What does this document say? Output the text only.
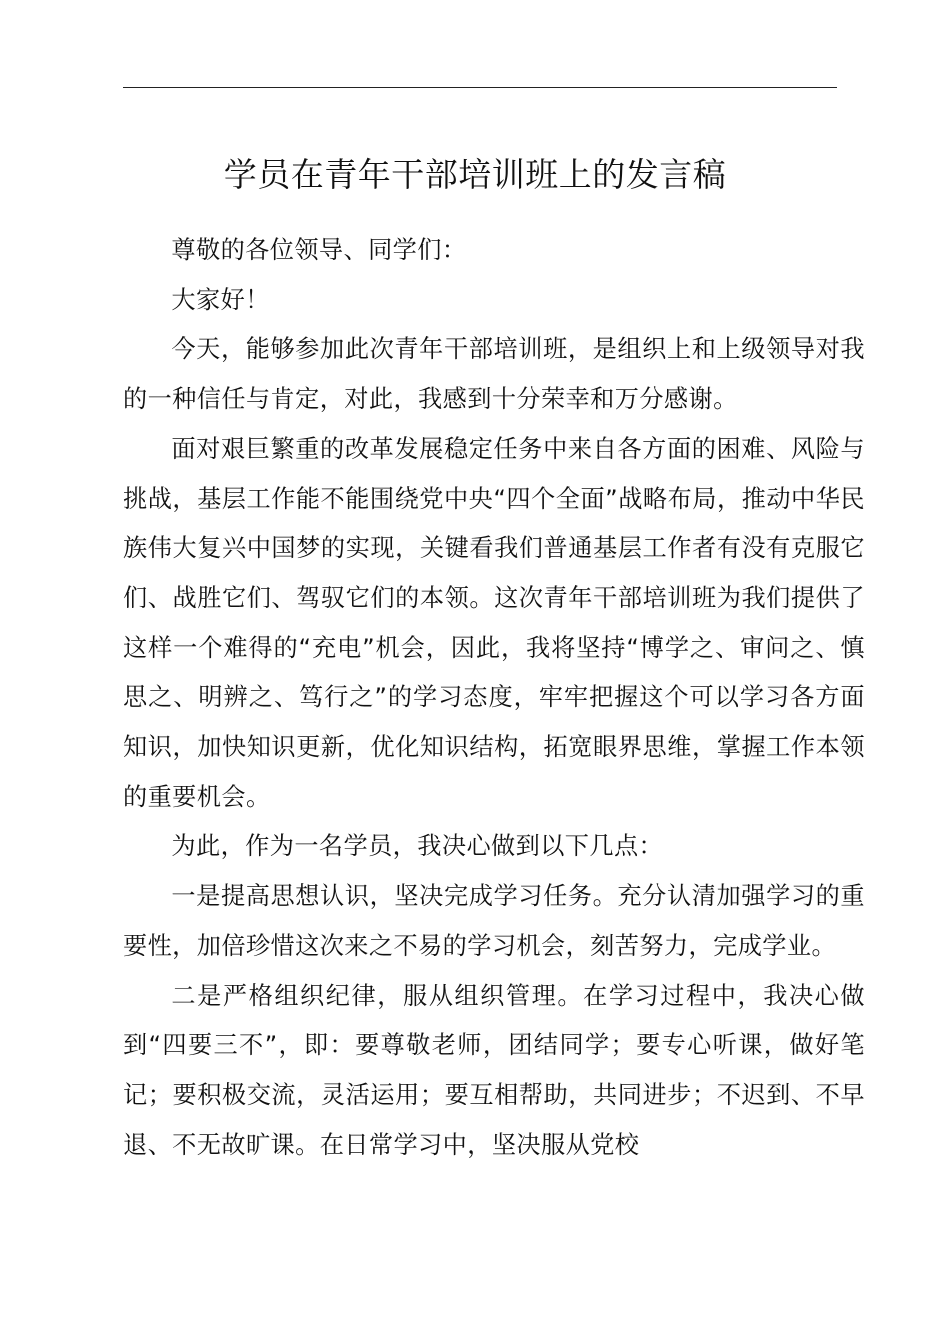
学员在青年干部培训班上的发言稿

尊敬的各位领导、同学们：

大家好！

今天，能够参加此次青年干部培训班，是组织上和上级领导对我的一种信任与肯定，对此，我感到十分荣幸和万分感谢。

面对艰巨繁重的改革发展稳定任务中来自各方面的困难、风险与挑战，基层工作能不能围绕党中央“四个全面”战略布局，推动中华民族伟大复兴中国梦的实现，关键看我们普通基层工作者有没有克服它们、战胜它们、驾驭它们的本领。这次青年干部培训班为我们提供了这样一个难得的“充电”机会，因此，我将坚持“博学之、审问之、慎思之、明辨之、笃行之”的学习态度，牢牢把握这个可以学习各方面知识，加快知识更新，优化知识结构，拓宽眼界思维，掌握工作本领的重要机会。

为此，作为一名学员，我决心做到以下几点：

一是提高思想认识，坚决完成学习任务。充分认清加强学习的重要性，加倍珍惜这次来之不易的学习机会，刻苦努力，完成学业。

二是严格组织纪律，服从组织管理。在学习过程中，我决心做到“四要三不”，即：要尊敬老师，团结同学；要专心听课，做好笔记；要积极交流，灵活运用；要互相帮助，共同进步；不迟到、不早退、不无故旷课。在日常学习中，坚决服从党校
